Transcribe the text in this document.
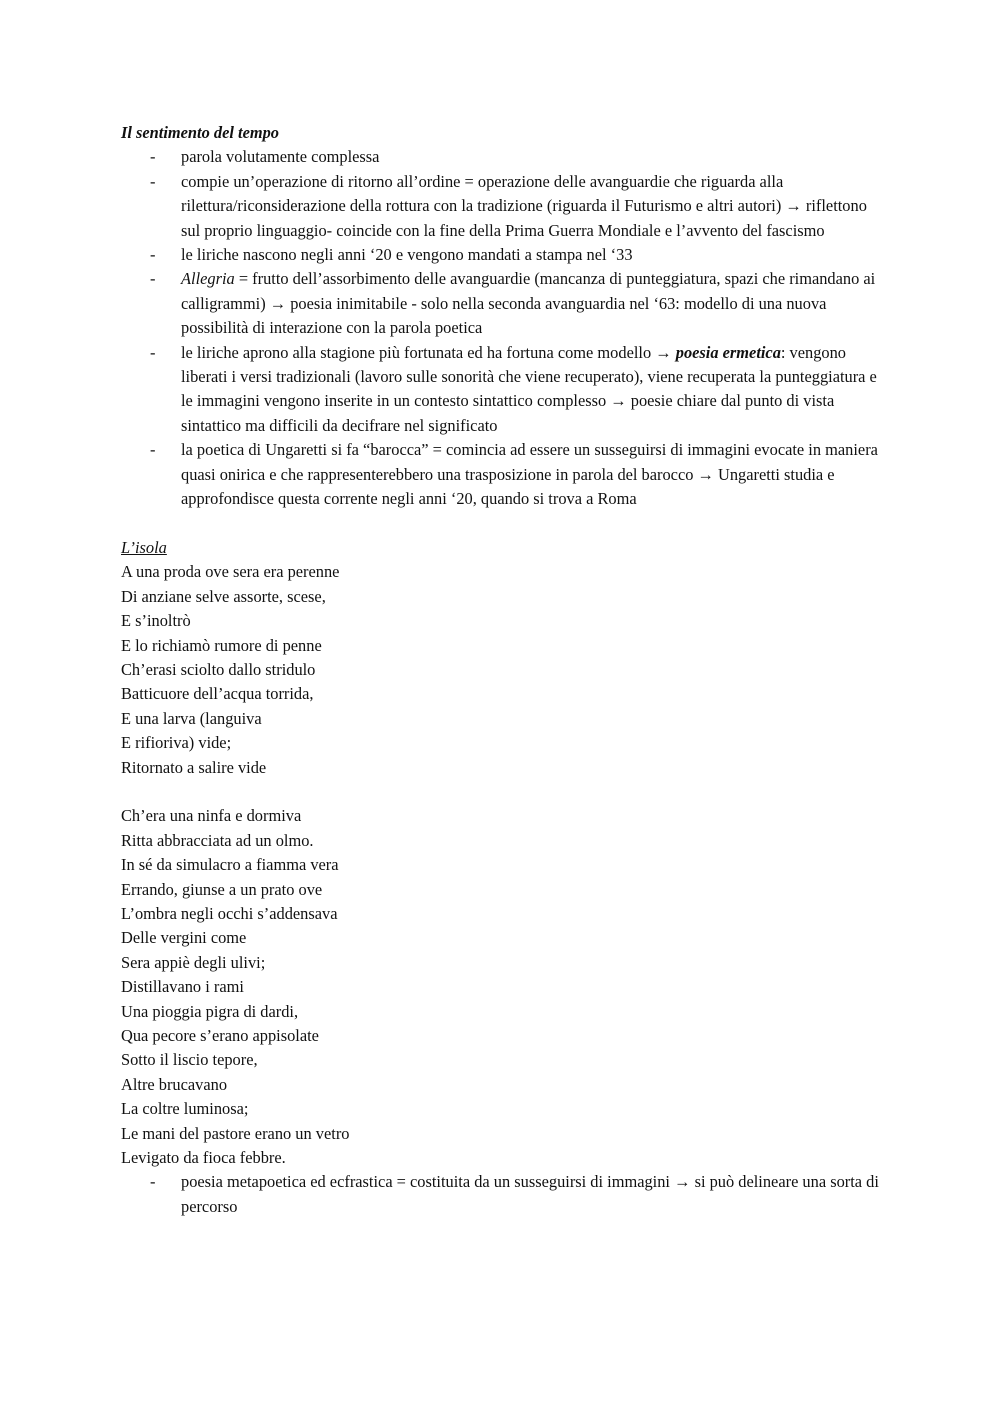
Il sentimento del tempo
- parola volutamente complessa
- compie un’operazione di ritorno all’ordine = operazione delle avanguardie che riguarda alla rilettura/riconsiderazione della rottura con la tradizione (riguarda il Futurismo e altri autori) → riflettono sul proprio linguaggio- coincide con la fine della Prima Guerra Mondiale e l’avvento del fascismo
- le liriche nascono negli anni ‘20 e vengono mandati a stampa nel ‘33
- Allegria = frutto dell’assorbimento delle avanguardie (mancanza di punteggiatura, spazi che rimandano ai calligrammi) → poesia inimitabile - solo nella seconda avanguardia nel ‘63: modello di una nuova possibilità di interazione con la parola poetica
- le liriche aprono alla stagione più fortunata ed ha fortuna come modello → poesia ermetica: vengono liberati i versi tradizionali (lavoro sulle sonorità che viene recuperato), viene recuperata la punteggiatura e le immagini vengono inserite in un contesto sintattico complesso → poesie chiare dal punto di vista sintattico ma difficili da decifrare nel significato
- la poetica di Ungaretti si fa “barocca” = comincia ad essere un susseguirsi di immagini evocate in maniera quasi onirica e che rappresenterebbero una trasposizione in parola del barocco → Ungaretti studia e approfondisce questa corrente negli anni ‘20, quando si trova a Roma
L’isola
A una proda ove sera era perenne
Di anziane selve assorte, scese,
E s’inoltrò
E lo richiamò rumore di penne
Ch’erasi sciolto dallo stridulo
Batticuore dell’acqua torrida,
E una larva (languiva
E rifioriva) vide;
Ritornato a salire vide
Ch’era una ninfa e dormiva
Ritta abbracciata ad un olmo.
In sé da simulacro a fiamma vera
Errando, giunse a un prato ove
L’ombra negli occhi s’addensava
Delle vergini come
Sera appiè degli ulivi;
Distillavano i rami
Una pioggia pigra di dardi,
Qua pecore s’erano appisolate
Sotto il liscio tepore,
Altre brucavano
La coltre luminosa;
Le mani del pastore erano un vetro
Levigato da fioca febbre.
- poesia metapoetica ed ecfrastica = costituita da un susseguirsi di immagini → si può delineare una sorta di percorso
